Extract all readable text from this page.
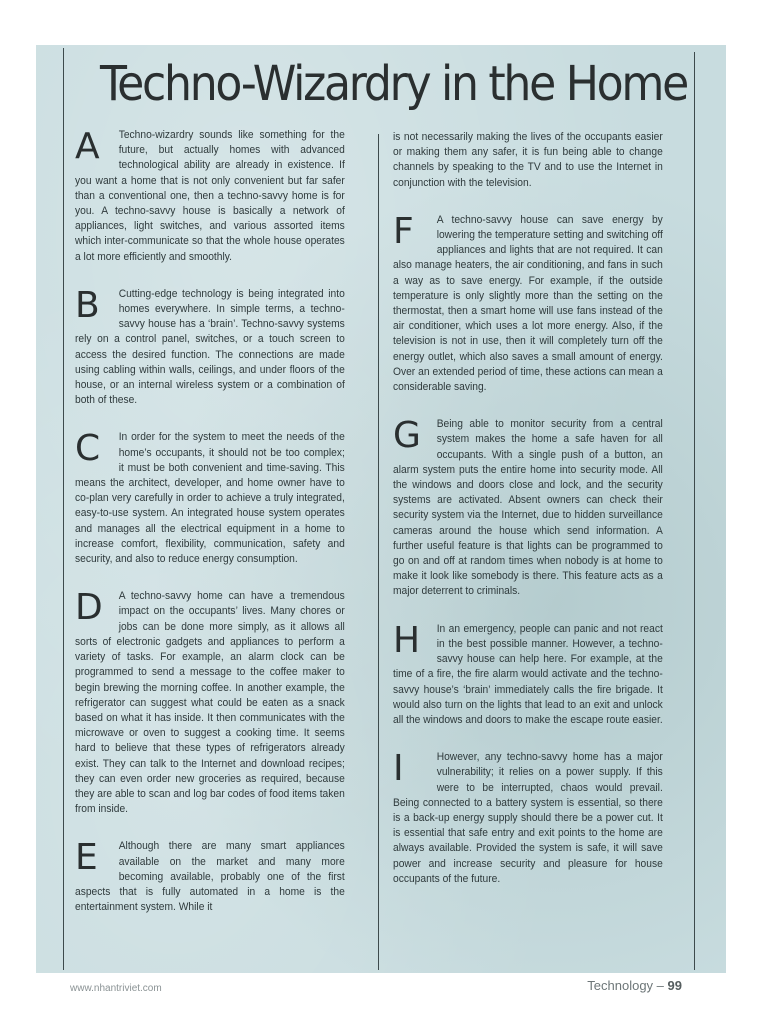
Techno-Wizardry in the Home
A	Techno-wizardry sounds like something for the future, but actually homes with advanced technological ability are already in existence. If you want a home that is not only convenient but far safer than a conventional one, then a techno-savvy home is for you. A techno-savvy house is basically a network of appliances, light switches, and various assorted items which inter-communicate so that the whole house operates a lot more efficiently and smoothly.

B	Cutting-edge technology is being integrated into homes everywhere. In simple terms, a techno-savvy house has a ‘brain’. Techno-savvy systems rely on a control panel, switches, or a touch screen to access the desired function. The connections are made using cabling within walls, ceilings, and under floors of the house, or an internal wireless system or a combination of both of these.

C	In order for the system to meet the needs of the home’s occupants, it should not be too complex; it must be both convenient and time-saving. This means the architect, developer, and home owner have to co-plan very carefully in order to achieve a truly integrated, easy-to-use system. An integrated house system operates and manages all the electrical equipment in a home to increase comfort, flexibility, communication, safety and security, and also to reduce energy consumption.

D	A techno-savvy home can have a tremendous impact on the occupants’ lives. Many chores or jobs can be done more simply, as it allows all sorts of electronic gadgets and appliances to perform a variety of tasks. For example, an alarm clock can be programmed to send a message to the coffee maker to begin brewing the morning coffee. In another example, the refrigerator can suggest what could be eaten as a snack based on what it has inside. It then communicates with the microwave or oven to suggest a cooking time. It seems hard to believe that these types of refrigerators already exist. They can talk to the Internet and download recipes; they can even order new groceries as required, because they are able to scan and log bar codes of food items taken from inside.

E	Although there are many smart appliances available on the market and many more becoming available, probably one of the first aspects that is fully automated in a home is the entertainment system. While it

is not necessarily making the lives of the occupants easier or making them any safer, it is fun being able to change channels by speaking to the TV and to use the Internet in conjunction with the television.

F	A techno-savvy house can save energy by lowering the temperature setting and switching off appliances and lights that are not required. It can also manage heaters, the air conditioning, and fans in such a way as to save energy. For example, if the outside temperature is only slightly more than the setting on the thermostat, then a smart home will use fans instead of the air conditioner, which uses a lot more energy. Also, if the television is not in use, then it will completely turn off the energy outlet, which also saves a small amount of energy. Over an extended period of time, these actions can mean a considerable saving.

G	Being able to monitor security from a central system makes the home a safe haven for all occupants. With a single push of a button, an alarm system puts the entire home into security mode. All the windows and doors close and lock, and the security systems are activated. Absent owners can check their security system via the Internet, due to hidden surveillance cameras around the house which send information. A further useful feature is that lights can be programmed to go on and off at random times when nobody is at home to make it look like somebody is there. This feature acts as a major deterrent to criminals.

H	In an emergency, people can panic and not react in the best possible manner. However, a techno-savvy house can help here. For example, at the time of a fire, the fire alarm would activate and the techno-savvy house’s ‘brain’ immediately calls the fire brigade. It would also turn on the lights that lead to an exit and unlock all the windows and doors to make the escape route easier.

I	However, any techno-savvy home has a major vulnerability; it relies on a power supply. If this were to be interrupted, chaos would prevail. Being connected to a battery system is essential, so there is a back-up energy supply should there be a power cut. It is essential that safe entry and exit points to the home are always available. Provided the system is safe, it will save power and increase security and pleasure for house occupants of the future.

www.nhantriviet.com	Technology – 99
